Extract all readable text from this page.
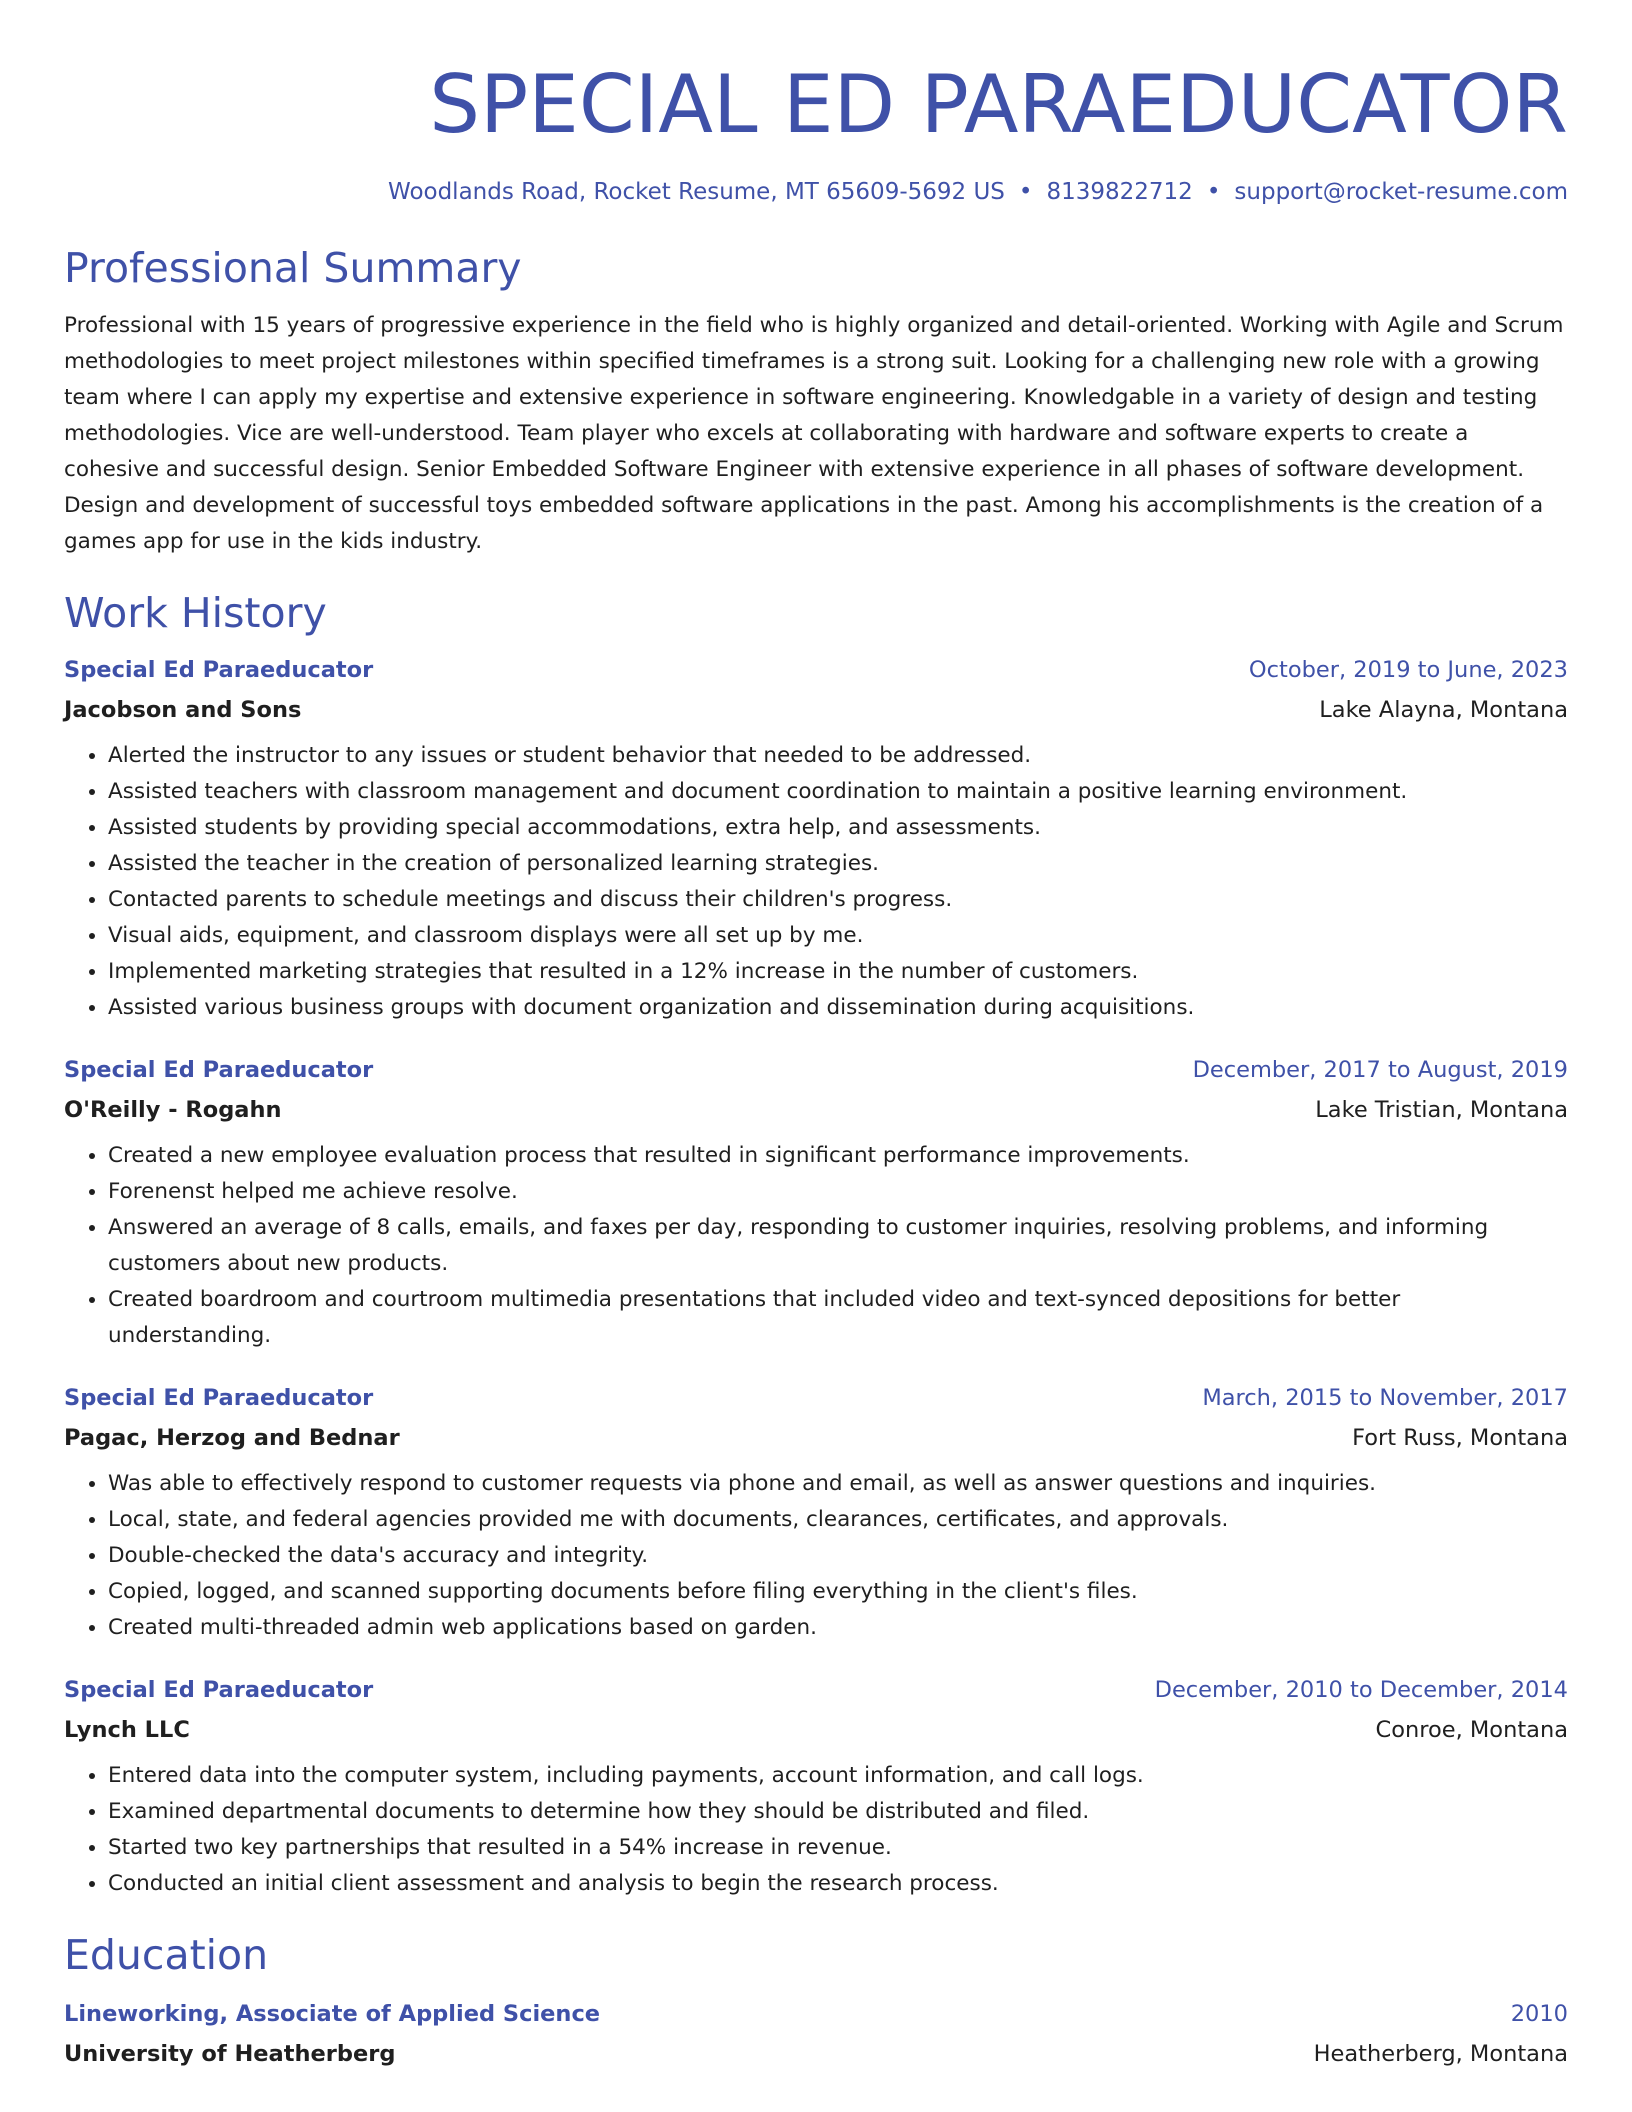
SPECIAL ED PARAEDUCATOR
Woodlands Road, Rocket Resume, MT 65609-5692 US • 8139822712 • support@rocket-resume.com
Professional Summary
Professional with 15 years of progressive experience in the field who is highly organized and detail-oriented. Working with Agile and Scrum methodologies to meet project milestones within specified timeframes is a strong suit. Looking for a challenging new role with a growing team where I can apply my expertise and extensive experience in software engineering. Knowledgable in a variety of design and testing methodologies. Vice are well-understood. Team player who excels at collaborating with hardware and software experts to create a cohesive and successful design. Senior Embedded Software Engineer with extensive experience in all phases of software development. Design and development of successful toys embedded software applications in the past. Among his accomplishments is the creation of a games app for use in the kids industry.
Work History
Special Ed Paraeducator	October, 2019 to June, 2023
Jacobson and Sons	Lake Alayna, Montana
• Alerted the instructor to any issues or student behavior that needed to be addressed.
• Assisted teachers with classroom management and document coordination to maintain a positive learning environment.
• Assisted students by providing special accommodations, extra help, and assessments.
• Assisted the teacher in the creation of personalized learning strategies.
• Contacted parents to schedule meetings and discuss their children's progress.
• Visual aids, equipment, and classroom displays were all set up by me.
• Implemented marketing strategies that resulted in a 12% increase in the number of customers.
• Assisted various business groups with document organization and dissemination during acquisitions.
Special Ed Paraeducator	December, 2017 to August, 2019
O'Reilly - Rogahn	Lake Tristian, Montana
• Created a new employee evaluation process that resulted in significant performance improvements.
• Forenenst helped me achieve resolve.
• Answered an average of 8 calls, emails, and faxes per day, responding to customer inquiries, resolving problems, and informing customers about new products.
• Created boardroom and courtroom multimedia presentations that included video and text-synced depositions for better understanding.
Special Ed Paraeducator	March, 2015 to November, 2017
Pagac, Herzog and Bednar	Fort Russ, Montana
• Was able to effectively respond to customer requests via phone and email, as well as answer questions and inquiries.
• Local, state, and federal agencies provided me with documents, clearances, certificates, and approvals.
• Double-checked the data's accuracy and integrity.
• Copied, logged, and scanned supporting documents before filing everything in the client's files.
• Created multi-threaded admin web applications based on garden.
Special Ed Paraeducator	December, 2010 to December, 2014
Lynch LLC	Conroe, Montana
• Entered data into the computer system, including payments, account information, and call logs.
• Examined departmental documents to determine how they should be distributed and filed.
• Started two key partnerships that resulted in a 54% increase in revenue.
• Conducted an initial client assessment and analysis to begin the research process.
Education
Lineworking, Associate of Applied Science	2010
University of Heatherberg	Heatherberg, Montana
